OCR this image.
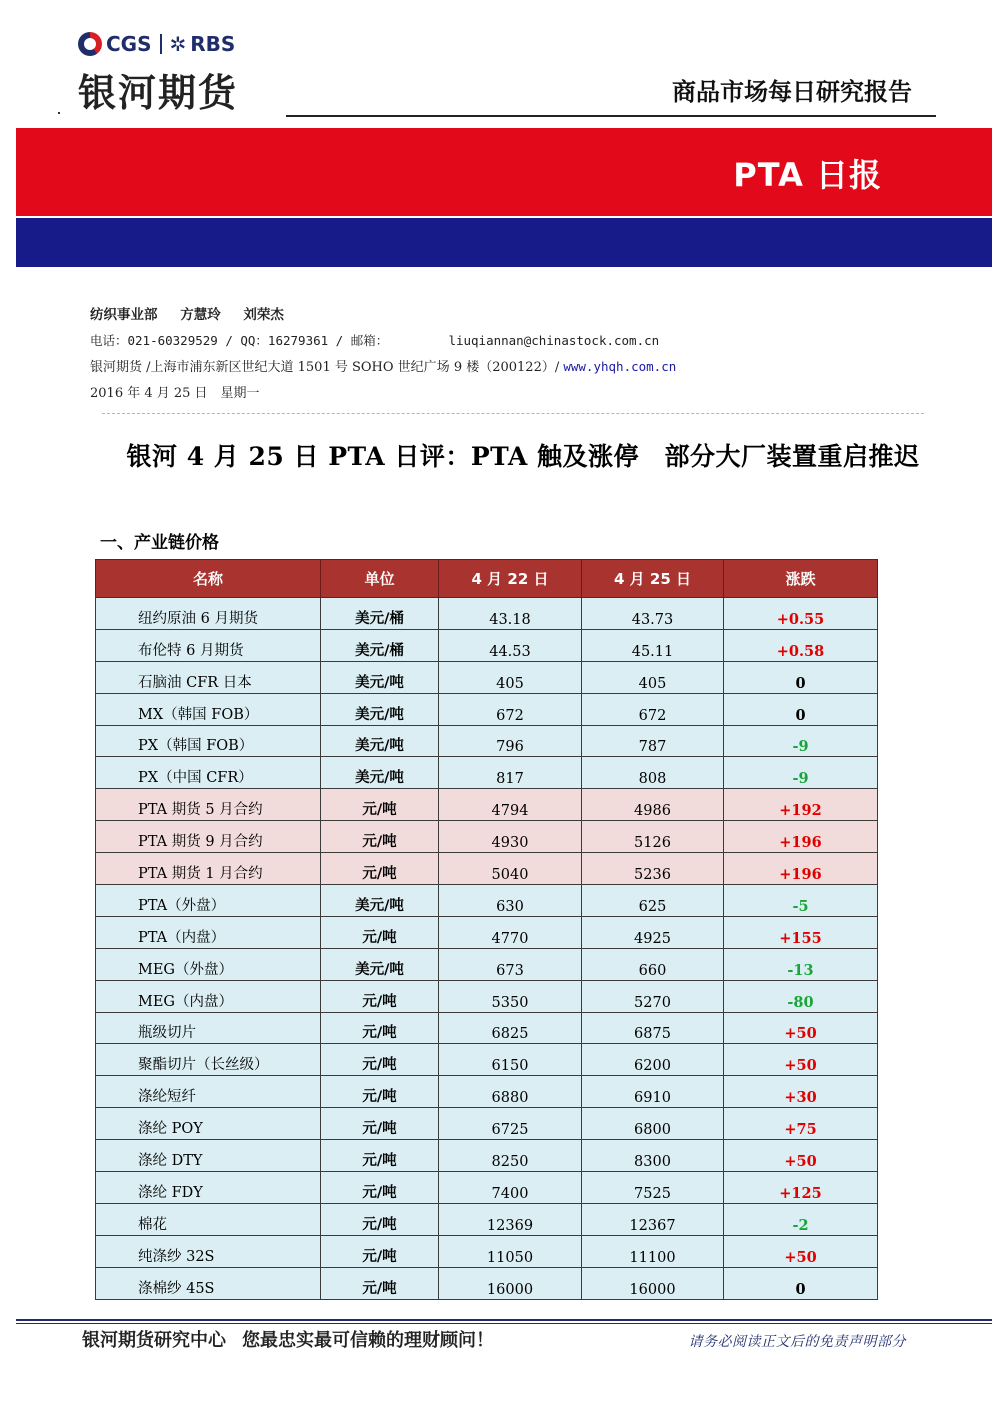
CGS ✲ RBS
银河期货	商品市场每日研究报告
PTA 日报
纺织事业部 方慧玲 刘荣杰
电话：021-60329529 / QQ：16279361 / 邮箱：	liuqiannan@chinastock.com.cn
银河期货 /上海市浦东新区世纪大道 1501 号 SOHO 世纪广场 9 楼（200122）/ www.yhqh.com.cn
2016 年 4 月 25 日　星期一
银河 4 月 25 日 PTA 日评：PTA 触及涨停　部分大厂装置重启推迟
一、产业链价格
名称	单位	4 月 22 日	4 月 25 日	涨跌
纽约原油 6 月期货	美元/桶	43.18	43.73	+0.55
布伦特 6 月期货	美元/桶	44.53	45.11	+0.58
石脑油 CFR 日本	美元/吨	405	405	0
MX（韩国 FOB）	美元/吨	672	672	0
PX（韩国 FOB）	美元/吨	796	787	-9
PX（中国 CFR）	美元/吨	817	808	-9
PTA 期货 5 月合约	元/吨	4794	4986	+192
PTA 期货 9 月合约	元/吨	4930	5126	+196
PTA 期货 1 月合约	元/吨	5040	5236	+196
PTA（外盘）	美元/吨	630	625	-5
PTA（内盘）	元/吨	4770	4925	+155
MEG（外盘）	美元/吨	673	660	-13
MEG（内盘）	元/吨	5350	5270	-80
瓶级切片	元/吨	6825	6875	+50
聚酯切片（长丝级）	元/吨	6150	6200	+50
涤纶短纤	元/吨	6880	6910	+30
涤纶 POY	元/吨	6725	6800	+75
涤纶 DTY	元/吨	8250	8300	+50
涤纶 FDY	元/吨	7400	7525	+125
棉花	元/吨	12369	12367	-2
纯涤纱 32S	元/吨	11050	11100	+50
涤棉纱 45S	元/吨	16000	16000	0
银河期货研究中心 您最忠实最可信赖的理财顾问！	请务必阅读正文后的免责声明部分
